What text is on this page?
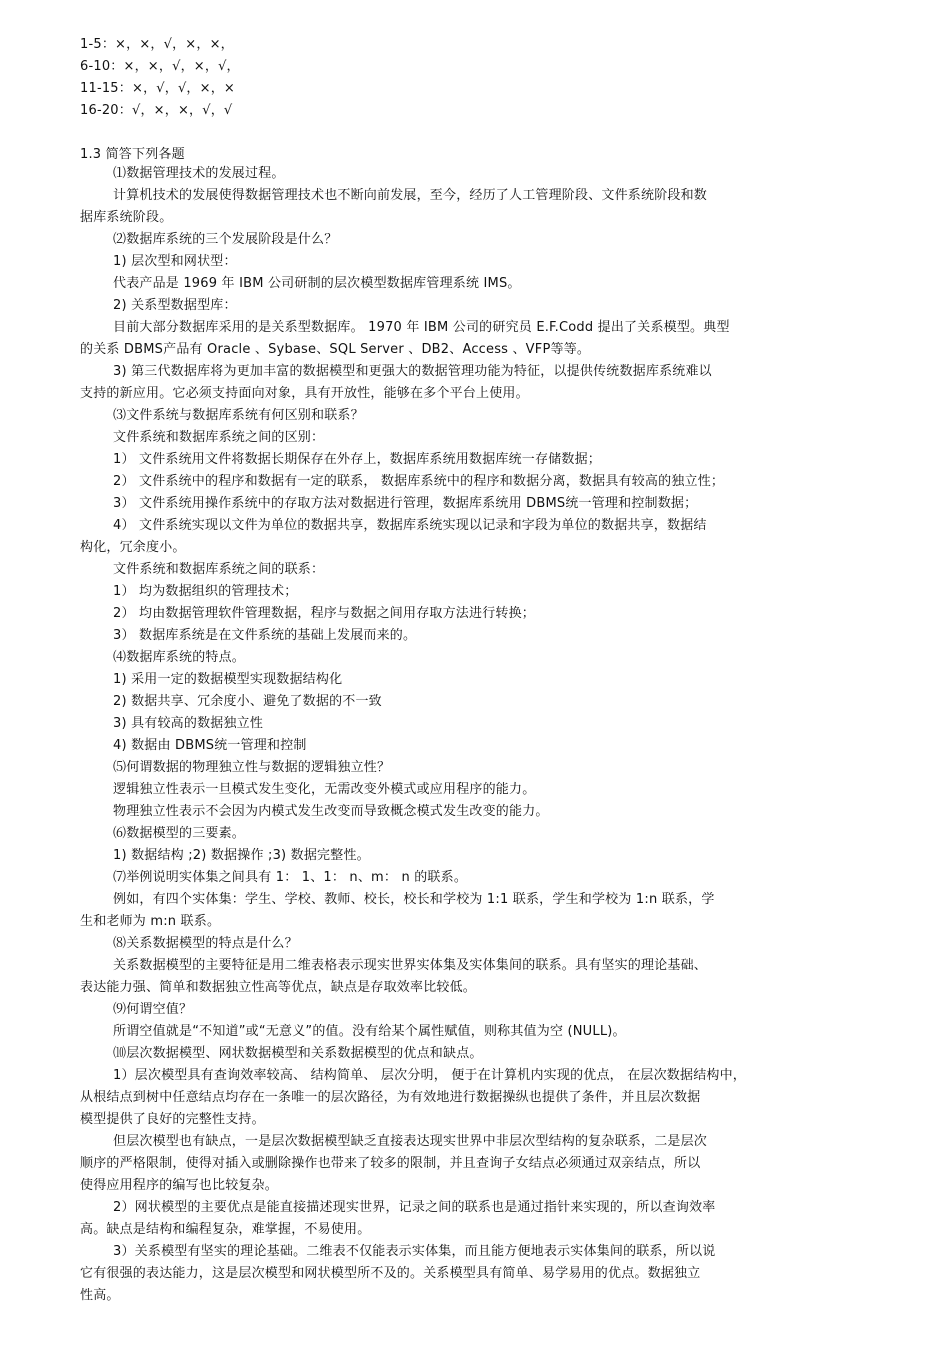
1-5：×，×，√，×，×，
6-10：×，×，√，×，√，
11-15：×，√，√，×，×
16-20：√，×，×，√，√
1.3 简答下列各题
⑴数据管理技术的发展过程。
计算机技术的发展使得数据管理技术也不断向前发展，至今，经历了人工管理阶段、文件系统阶段和数
据库系统阶段。
⑵数据库系统的三个发展阶段是什么？
1) 层次型和网状型：
代表产品是 1969 年 IBM 公司研制的层次模型数据库管理系统 IMS。
2) 关系型数据型库：
目前大部分数据库采用的是关系型数据库。 1970 年 IBM 公司的研究员 E.F.Codd 提出了关系模型。典型
的关系 DBMS产品有 Oracle 、Sybase、SQL Server 、DB2、Access 、VFP等等。
3) 第三代数据库将为更加丰富的数据模型和更强大的数据管理功能为特征，以提供传统数据库系统难以
支持的新应用。它必须支持面向对象，具有开放性，能够在多个平台上使用。
⑶文件系统与数据库系统有何区别和联系？
文件系统和数据库系统之间的区别：
1） 文件系统用文件将数据长期保存在外存上，数据库系统用数据库统一存储数据；
2） 文件系统中的程序和数据有一定的联系， 数据库系统中的程序和数据分离，数据具有较高的独立性；
3） 文件系统用操作系统中的存取方法对数据进行管理，数据库系统用 DBMS统一管理和控制数据；
4） 文件系统实现以文件为单位的数据共享，数据库系统实现以记录和字段为单位的数据共享，数据结
构化，冗余度小。
文件系统和数据库系统之间的联系：
1） 均为数据组织的管理技术；
2） 均由数据管理软件管理数据，程序与数据之间用存取方法进行转换；
3） 数据库系统是在文件系统的基础上发展而来的。
⑷数据库系统的特点。
1) 采用一定的数据模型实现数据结构化
2) 数据共享、冗余度小、避免了数据的不一致
3) 具有较高的数据独立性
4) 数据由 DBMS统一管理和控制
⑸何谓数据的物理独立性与数据的逻辑独立性？
逻辑独立性表示一旦模式发生变化，无需改变外模式或应用程序的能力。
物理独立性表示不会因为内模式发生改变而导致概念模式发生改变的能力。
⑹数据模型的三要素。
1) 数据结构 ;2) 数据操作 ;3) 数据完整性。
⑺举例说明实体集之间具有 1： 1、1： n、m： n 的联系。
例如，有四个实体集：学生、学校、教师、校长，校长和学校为 1:1 联系，学生和学校为 1:n 联系，学
生和老师为 m:n 联系。
⑻关系数据模型的特点是什么？
关系数据模型的主要特征是用二维表格表示现实世界实体集及实体集间的联系。具有坚实的理论基础、
表达能力强、简单和数据独立性高等优点，缺点是存取效率比较低。
⑼何谓空值？
所谓空值就是“不知道”或“无意义”的值。没有给某个属性赋值，则称其值为空 (NULL)。
⑽层次数据模型、网状数据模型和关系数据模型的优点和缺点。
1）层次模型具有查询效率较高、 结构简单、 层次分明， 便于在计算机内实现的优点， 在层次数据结构中，
从根结点到树中任意结点均存在一条唯一的层次路径，为有效地进行数据操纵也提供了条件，并且层次数据
模型提供了良好的完整性支持。
但层次模型也有缺点，一是层次数据模型缺乏直接表达现实世界中非层次型结构的复杂联系，二是层次
顺序的严格限制，使得对插入或删除操作也带来了较多的限制，并且查询子女结点必须通过双亲结点，所以
使得应用程序的编写也比较复杂。
2）网状模型的主要优点是能直接描述现实世界，记录之间的联系也是通过指针来实现的，所以查询效率
高。缺点是结构和编程复杂，难掌握，不易使用。
3）关系模型有坚实的理论基础。二维表不仅能表示实体集，而且能方便地表示实体集间的联系，所以说
它有很强的表达能力，这是层次模型和网状模型所不及的。关系模型具有简单、易学易用的优点。数据独立
性高。
